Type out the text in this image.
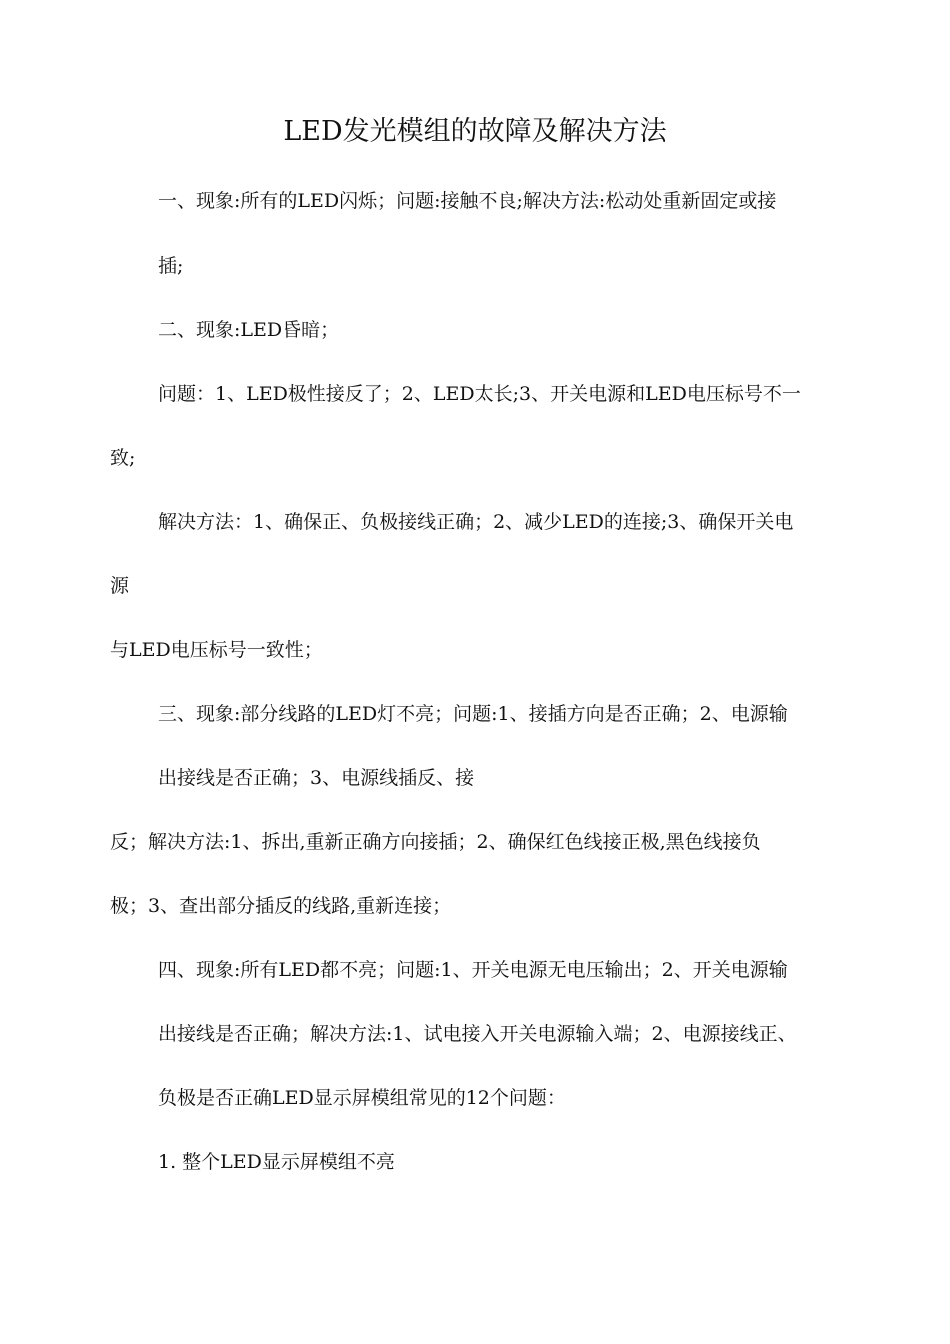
LED发光模组的故障及解决方法
一、现象:所有的LED闪烁；问题:接触不良;解决方法:松动处重新固定或接
插;
二、现象:LED昏暗；
问题：1、LED极性接反了；2、LED太长;3、开关电源和LED电压标号不一
致;
解决方法：1、确保正、负极接线正确；2、减少LED的连接;3、确保开关电
源
与LED电压标号一致性；
三、现象:部分线路的LED灯不亮；问题:1、接插方向是否正确；2、电源输
出接线是否正确；3、电源线插反、接
反；解决方法:1、拆出,重新正确方向接插；2、确保红色线接正极,黑色线接负
极；3、查出部分插反的线路,重新连接；
四、现象:所有LED都不亮；问题:1、开关电源无电压输出；2、开关电源输
出接线是否正确；解决方法:1、试电接入开关电源输入端；2、电源接线正、
负极是否正确LED显示屏模组常见的12个问题：
1. 整个LED显示屏模组不亮
